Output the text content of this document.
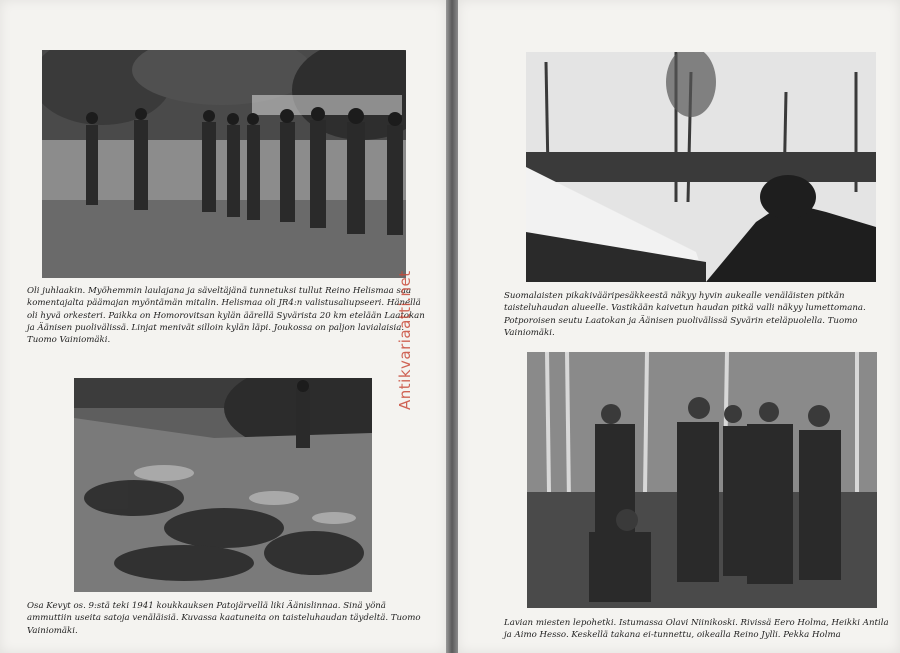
Oli juhlaakin. Myöhemmin laulajana ja säveltäjänä tunnetuksi tullut Reino Helismaa saa komentajalta päämajan myöntämän mitalin. Helismaa oli JR4:n valistusaliupseeri. Hänellä oli hyvä orkesteri. Paikka on Homorovitsan kylän äärellä Syvärista 20 km etelään Laatokan ja Äänisen puolivälissä. Linjat menivät silloin kylän läpi. Joukossa on paljon lavialaisia. Tuomo Vainiomäki.

Osa Kevyt os. 9:stä teki 1941 koukkauksen Patojärvellä liki Äänislinnaa. Sinä yönä ammuttiin useita satoja venäläisiä. Kuvassa kaatuneita on taisteluhaudan täydeltä. Tuomo Vainiomäki.

Suomalaisten pikakivääripesäkkeestä näkyy hyvin aukealle venäläisten pitkän taisteluhaudan alueelle. Vastikään kaivetun haudan pitkä valli näkyy lumettomana. Potporoisen seutu Laatokan ja Äänisen puolivälissä Syvärin eteläpuolella. Tuomo Vainiomäki.

Lavian miesten lepohetki. Istumassa Olavi Niinikoski. Rivissä Eero Holma, Heikki Antila ja Aimo Hesso. Keskellä takana ei-tunnettu, oikealla Reino Jylli. Pekka Holma

Antikvariaatti.net
